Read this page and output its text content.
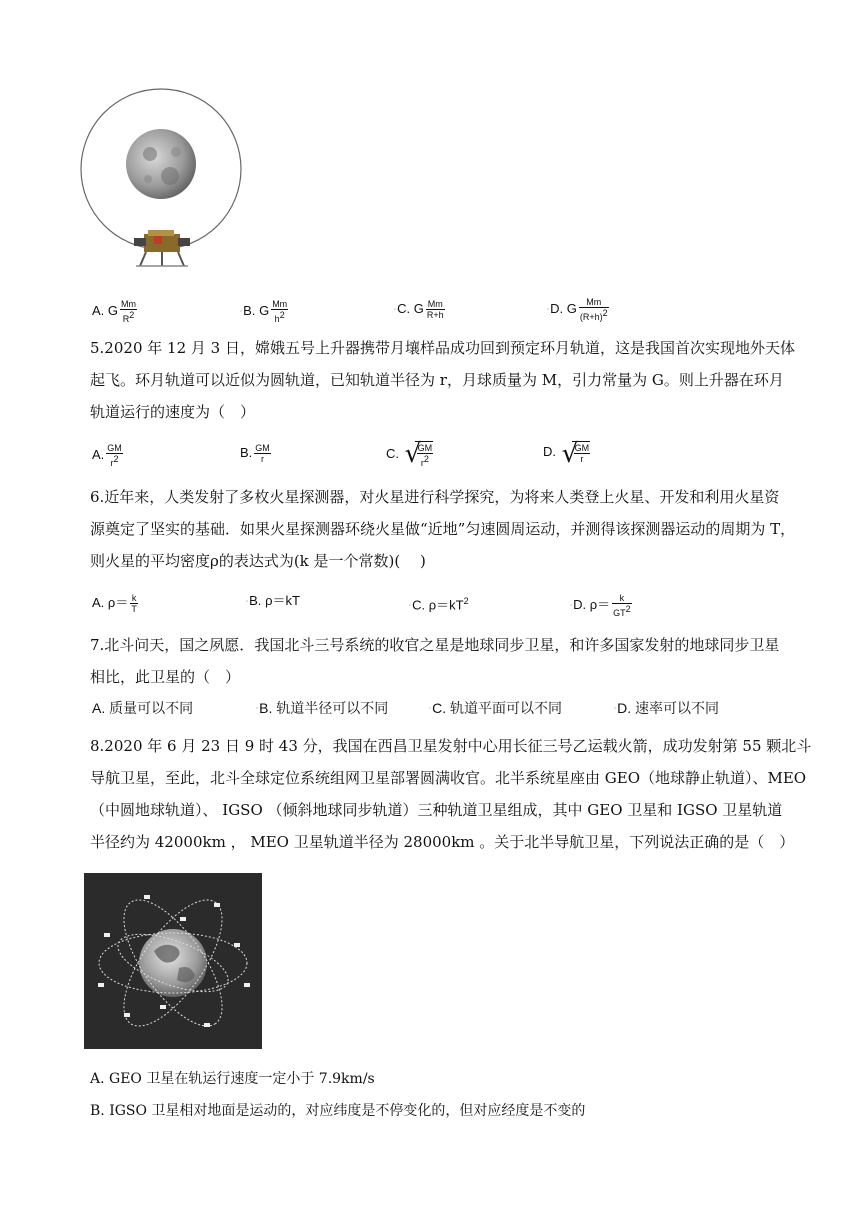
A. G $\frac{Mm}{R^2}$	▫B. G $\frac{Mm}{h^2}$	▫C. G $\frac{Mm}{R+h}$	▫D. G $\frac{Mm}{(R+h)^2}$
5.2020 年 12 月 3 日，嫦娥五号上升器携带月壤样品成功回到预定环月轨道，这是我国首次实现地外天体
起飞。环月轨道可以近似为圆轨道，已知轨道半径为 r，月球质量为 M，引力常量为 G。则上升器在环月
轨道运行的速度为（　）
A. $\frac{GM}{r^2}$	B. $\frac{GM}{r}$	C. √
$\frac{GM}{r^2}$	D. √
$\frac{GM}{r}$
6.近年来，人类发射了多枚火星探测器，对火星进行科学探究，为将来人类登上火星、开发和利用火星资
源奠定了坚实的基础．如果火星探测器环绕火星做“近地”匀速圆周运动，并测得该探测器运动的周期为 T，
则火星的平均密度ρ的表达式为(k 是一个常数)(　 )
A. $\rho= \frac{k}{T}$	▫B. ρ＝kT	▫C. $\rho=kT^2$	▫D. $\rho= \frac{k}{GT^2}$
7.北斗问天，国之夙愿．我国北斗三号系统的收官之星是地球同步卫星，和许多国家发射的地球同步卫星
相比，此卫星的（　）
A. 质量可以不同	▫B. 轨道半径可以不同	▫C. 轨道平面可以不同	▫D. 速率可以不同
8.2020 年 6 月 23 日 9 时 43 分，我国在西昌卫星发射中心用长征三号乙运载火箭，成功发射第 55 颗北斗
导航卫星，至此，北斗全球定位系统组网卫星部署圆满收官。北半系统星座由 GEO（地球静止轨道）、MEO
（中圆地球轨道）、 IGSO （倾斜地球同步轨道）三种轨道卫星组成，其中 GEO 卫星和 IGSO 卫星轨道
半径约为 42000km ， MEO 卫星轨道半径为 28000km 。关于北半导航卫星，下列说法正确的是（　）
A. GEO 卫星在轨运行速度一定小于 7.9km/s
B. IGSO 卫星相对地面是运动的，对应纬度是不停变化的，但对应经度是不变的
